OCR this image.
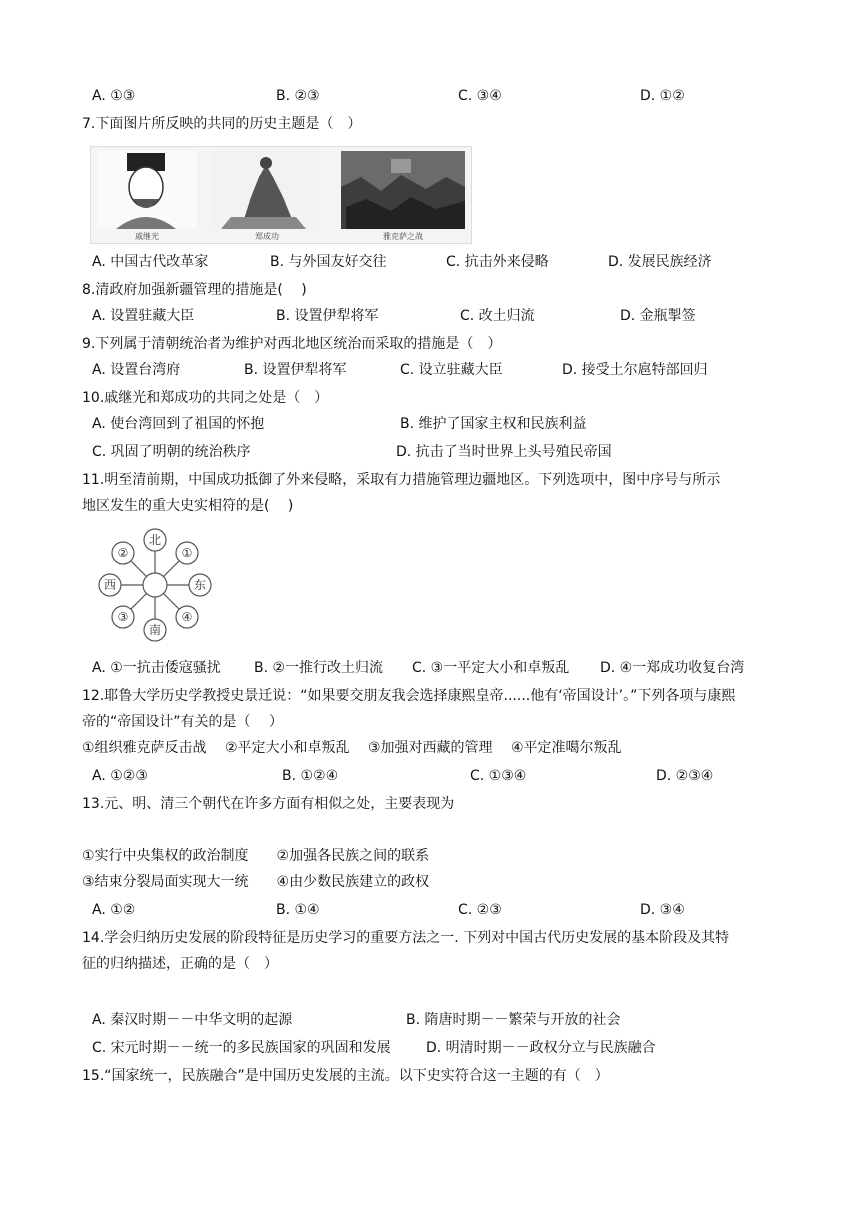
A. ①③	B. ②③	C. ③④	D. ①②
7.下面图片所反映的共同的历史主题是（　）
戚继光	郑成功	雅克萨之战
A. 中国古代改革家	B. 与外国友好交往	C. 抗击外来侵略	D. 发展民族经济
8.清政府加强新疆管理的措施是(　 )
A. 设置驻藏大臣	B. 设置伊犁将军	C. 改土归流	D. 金瓶掣签
9.下列属于清朝统治者为维护对西北地区统治而采取的措施是（　）
A. 设置台湾府	B. 设置伊犁将军	C. 设立驻藏大臣	D. 接受土尔扈特部回归
10.戚继光和郑成功的共同之处是（　）
A. 使台湾回到了祖国的怀抱	B. 维护了国家主权和民族利益
C. 巩固了明朝的统治秩序	D. 抗击了当时世界上头号殖民帝国
11.明至清前期，中国成功抵御了外来侵略，采取有力措施管理边疆地区。下列选项中，图中序号与所示
地区发生的重大史实相符的是(　 )
北
南
西	东
①
②
③	④
A. ①一抗击倭寇骚扰 B. ②一推行改土归流 C. ③一平定大小和卓叛乱 D. ④一郑成功收复台湾
12.耶鲁大学历史学教授史景迁说：“如果要交朋友我会选择康熙皇帝......他有‘帝国设计’。”下列各项与康熙
帝的“帝国设计”有关的是（　 ）
①组织雅克萨反击战　 ②平定大小和卓叛乱　 ③加强对西藏的管理　 ④平定准噶尔叛乱
A. ①②③	B. ①②④	C. ①③④	D. ②③④
13.元、明、清三个朝代在许多方面有相似之处，主要表现为
①实行中央集权的政治制度　　②加强各民族之间的联系
③结束分裂局面实现大一统　　④由少数民族建立的政权
A. ①②	B. ①④	C. ②③	D. ③④
14.学会归纳历史发展的阶段特征是历史学习的重要方法之一. 下列对中国古代历史发展的基本阶段及其特
征的归纳描述，正确的是（　）
A. 秦汉时期－－中华文明的起源	B. 隋唐时期－－繁荣与开放的社会
C. 宋元时期－－统一的多民族国家的巩固和发展	D. 明清时期－－政权分立与民族融合
15.“国家统一，民族融合”是中国历史发展的主流。以下史实符合这一主题的有（　）
